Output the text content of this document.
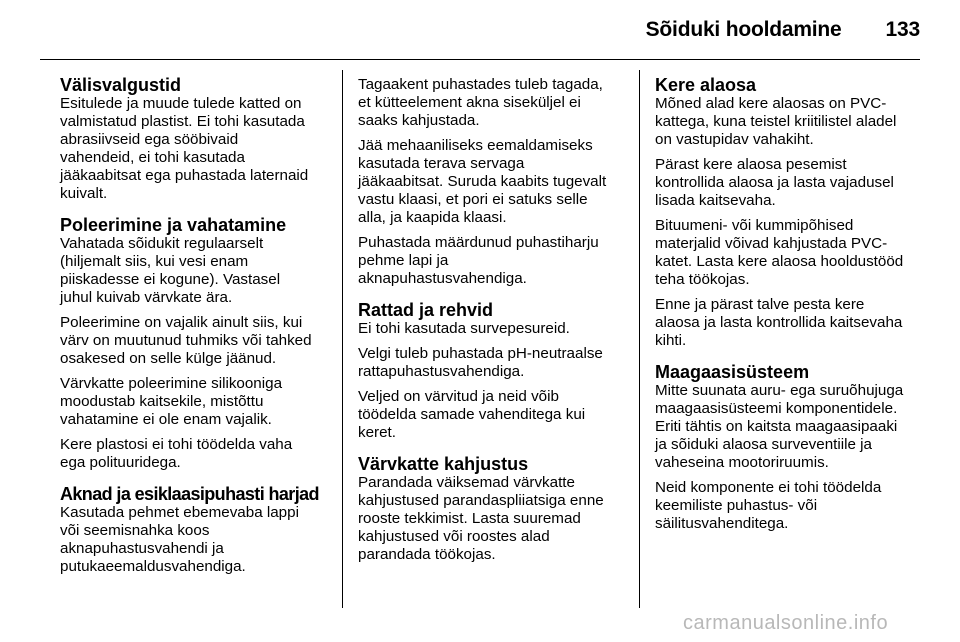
Sõiduki hooldamine 133
Välisvalgustid

Esitulede ja muude tulede katted on
valmistatud plastist. Ei tohi kasutada
abrasiivseid ega sööbivaid
vahendeid, ei tohi kasutada
jääkaabitsat ega puhastada laternaid
kuivalt.

Poleerimine ja vahatamine

Vahatada sõidukit regulaarselt
(hiljemalt siis, kui vesi enam
piiskadesse ei kogune). Vastasel
juhul kuivab värvkate ära.

Poleerimine on vajalik ainult siis, kui
värv on muutunud tuhmiks või tahked
osakesed on selle külge jäänud.

Värvkatte poleerimine silikooniga
moodustab kaitsekile, mistõttu
vahatamine ei ole enam vajalik.

Kere plastosi ei tohi töödelda vaha
ega polituuridega.

Aknad ja esiklaasipuhasti harjad

Kasutada pehmet ebemevaba lappi
või seemisnahka koos
aknapuhastusvahendi ja
putukaeemaldusvahendiga.

Tagaakent puhastades tuleb tagada,
et kütteelement akna siseküljel ei
saaks kahjustada.

Jää mehaaniliseks eemaldamiseks
kasutada terava servaga
jääkaabitsat. Suruda kaabits tugevalt
vastu klaasi, et pori ei satuks selle
alla, ja kaapida klaasi.

Puhastada määrdunud puhastiharju
pehme lapi ja
aknapuhastusvahendiga.

Rattad ja rehvid

Ei tohi kasutada survepesureid.

Velgi tuleb puhastada pH-neutraalse
rattapuhastusvahendiga.

Veljed on värvitud ja neid võib
töödelda samade vahenditega kui
keret.

Värvkatte kahjustus

Parandada väiksemad värvkatte
kahjustused parandaspliiatsiga enne
rooste tekkimist. Lasta suuremad
kahjustused või roostes alad
parandada töökojas.

Kere alaosa

Mõned alad kere alaosas on PVC-
kattega, kuna teistel kriitilistel aladel
on vastupidav vahakiht.

Pärast kere alaosa pesemist
kontrollida alaosa ja lasta vajadusel
lisada kaitsevaha.

Bituumeni- või kummipõhised
materjalid võivad kahjustada PVC-
katet. Lasta kere alaosa hooldustööd
teha töökojas.

Enne ja pärast talve pesta kere
alaosa ja lasta kontrollida kaitsevaha
kihti.

Maagaasisüsteem

Mitte suunata auru- ega suruõhujuga
maagaasisüsteemi komponentidele.
Eriti tähtis on kaitsta maagaasipaaki
ja sõiduki alaosa surveventiile ja
vaheseina mootoriruumis.

Neid komponente ei tohi töödelda
keemiliste puhastus- või
säilitusvahenditega.

carmanualsonline.info
